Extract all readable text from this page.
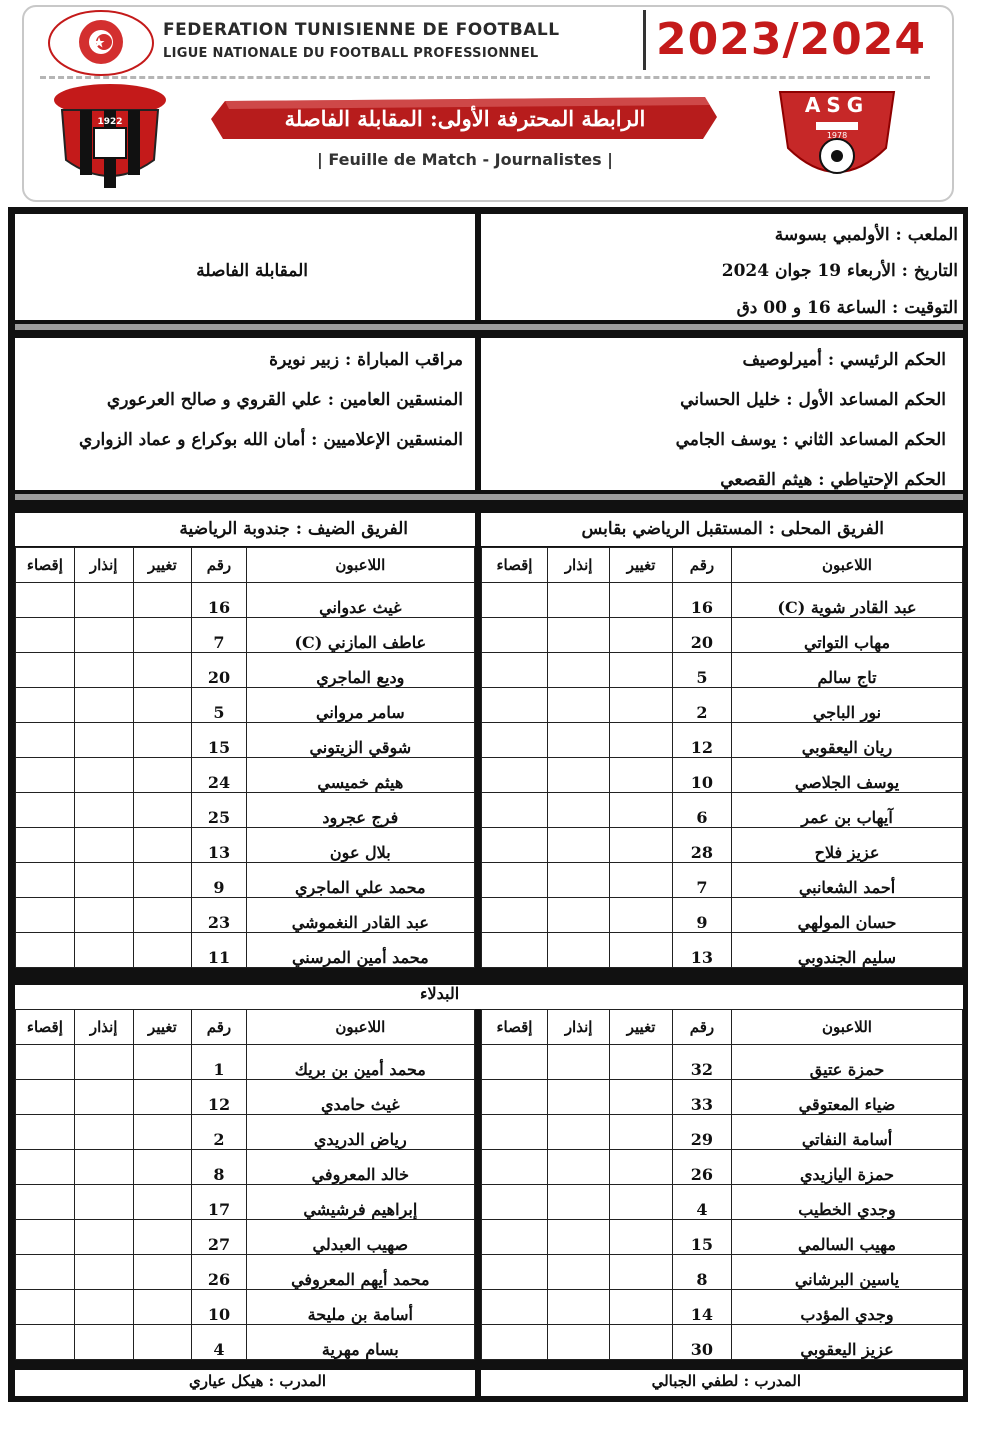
FEDERATION TUNISIENNE DE FOOTBALL
LIGUE NATIONALE DU FOOTBALL PROFESSIONNEL	2023/2024
1922	الرابطة المحترفة الأولى: المقابلة الفاصلة
| Feuille de Match - Journalistes |
ASG
1978
الملعب : الأولمبي بسوسة
التاريخ : الأربعاء 19 جوان 2024
التوقيت : الساعة 16 و 00 دق
المقابلة الفاصلة
الحكم الرئيسي : أميرلوصيف
الحكم المساعد الأول : خليل الحساني
الحكم المساعد الثاني : يوسف الجامي
الحكم الإحتياطي : هيثم القصعي
مراقب المباراة : زبير نويرة
المنسقين العامين : علي القروي و صالح العرعوري
المنسقين الإعلاميين : أمان الله بوكراع و عماد الزواري
الفريق المحلى : المستقبل الرياضي بقابس
الفريق الضيف : جندوبة الرياضية
اللاعبون	رقم	تغيير	إنذار	إقصاء
عبد القادر شوية (C)	16			
مهاب التواتي	20			
تاج سالم	5			
نور الباجي	2			
ريان اليعقوبي	12			
يوسف الجلاصي	10			
آيهاب بن عمر	6			
عزيز فلاح	28			
أحمد الشعانبي	7			
حسان المولهي	9			
سليم الجندوبي	13			
اللاعبون	رقم	تغيير	إنذار	إقصاء
غيث عدواني	16			
عاطف المازني (C)	7			
وديع الماجري	20			
سامر مرواني	5			
شوقي الزيتوني	15			
هيثم خميسي	24			
فرج عجرود	25			
بلال عون	13			
محمد علي الماجري	9			
عبد القادر النغموشي	23			
محمد أمين المرسني	11			
البدلاء
اللاعبون	رقم	تغيير	إنذار	إقصاء
حمزة عتيق	32			
ضياء المعتوقي	33			
أسامة النفاتي	29			
حمزة اليازيدي	26			
وجدي الخطيب	4			
مهيب السالمي	15			
ياسين البرشاني	8			
وجدي المؤدب	14			
عزيز اليعقوبي	30			
اللاعبون	رقم	تغيير	إنذار	إقصاء
محمد أمين بن بريك	1			
غيث حامدي	12			
رياض الدريدي	2			
خالد المعروفي	8			
إبراهيم فرشيشي	17			
صهيب العبدلي	27			
محمد أيهم المعروفي	26			
أسامة بن مليحة	10			
بسام مهرية	4			
المدرب : لطفي الجبالي
المدرب : هيكل عياري
